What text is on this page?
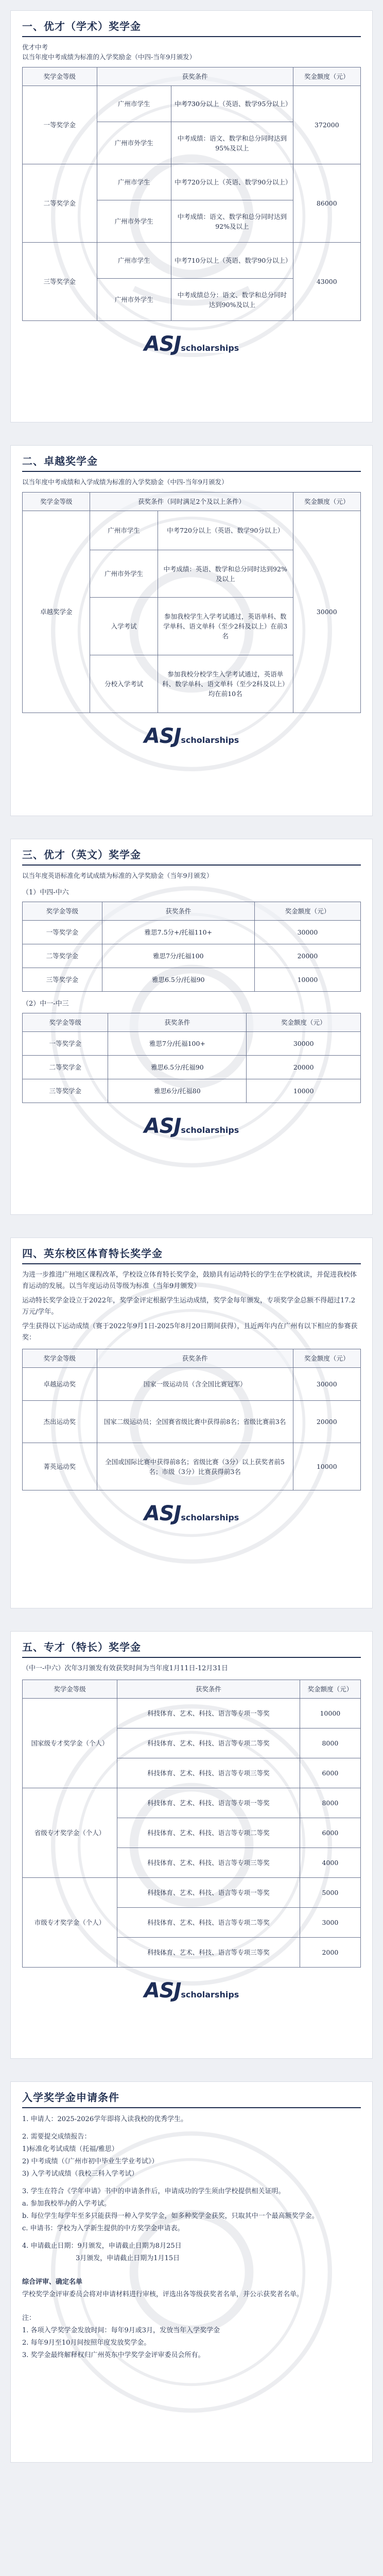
一、优才（学术）奖学金
优才中考
以当年度中考成绩为标准的入学奖励金（中四-当年9月颁发）
奖学金等级	获奖条件		奖金额度（元）
一等奖学金	广州市学生	中考730分以上（英语、数学95分以上）	372000
	广州市外学生	中考成绩：语文、数学和总分同时达到95%及以上	
二等奖学金	广州市学生	中考720分以上（英语、数学90分以上）	86000
	广州市外学生	中考成绩：语文、数学和总分同时达到92%及以上	
三等奖学金	广州市学生	中考710分以上（英语、数学90分以上）	43000
	广州市外学生	中考成绩总分：语文、数学和总分同时达到90%及以上	
ASJscholarships
二、卓越奖学金
以当年度中考成绩和入学成绩为标准的入学奖励金（中四-当年9月颁发）
奖学金等级	获奖条件（同时满足2个及以上条件）		奖金额度（元）
卓越奖学金	广州市学生	中考720分以上（英语、数学90分以上）	30000
	广州市外学生	中考成绩：英语、数学和总分同时达到92%及以上	
	入学考试	参加我校学生入学考试通过，英语单科、数学单科、语文单科（至少2科及以上）在前3名	
	分校入学考试	参加我校分校学生入学考试通过，英语单科、数学单科、语文单科（至少2科及以上）均在前10名	
ASJscholarships
三、优才（英文）奖学金
以当年度英语标准化考试成绩为标准的入学奖励金（当年9月颁发）
（1）中四-中六
奖学金等级	获奖条件	奖金额度（元）
一等奖学金	雅思7.5分+/托福110+	30000
二等奖学金	雅思7分/托福100	20000
三等奖学金	雅思6.5分/托福90	10000
（2）中一-中三
奖学金等级	获奖条件	奖金额度（元）
一等奖学金	雅思7分/托福100+	30000
二等奖学金	雅思6.5分/托福90	20000
三等奖学金	雅思6分/托福80	10000
ASJscholarships
四、英东校区体育特长奖学金

为进一步推进广州地区课程改革，学校设立体育特长奖学金，鼓励具有运动特长的学生在学校就读，并促进我校体育运动的发展。以当年度运动员等级为标准（当年9月颁发）

运动特长奖学金设立于2022年，奖学金评定根据学生运动成绩，奖学金每年颁发，专项奖学金总额不得超过17.2万元/学年。

学生获得以下运动成绩（赛于2022年9月1日-2025年8月20日期间获得），且近两年内在广州有以下相应的参赛获奖：

奖学金等级	获奖条件	奖金额度（元）
卓越运动奖	国家一级运动员（含全国比赛冠军）	30000
杰出运动奖	国家二级运动员；全国赛省级比赛中获得前8名；省级比赛前3名	20000
菁英运动奖	全国或国际比赛中获得前8名；省级比赛（3分）以上获奖者前5名；市级（3分）比赛获得前3名	10000
ASJscholarships
五、专才（特长）奖学金
（中一-中六）次年3月颁发有效获奖时间为当年度1月11日-12月31日
奖学金等级	获奖条件	奖金额度（元）
国家级专才奖学金（个人）	科技体育、艺术、科技、语言等专项一等奖	10000
	科技体育、艺术、科技、语言等专项二等奖	8000
	科技体育、艺术、科技、语言等专项三等奖	6000
省级专才奖学金（个人）	科技体育、艺术、科技、语言等专项一等奖	8000
	科技体育、艺术、科技、语言等专项二等奖	6000
	科技体育、艺术、科技、语言等专项三等奖	4000
市级专才奖学金（个人）	科技体育、艺术、科技、语言等专项一等奖	5000
	科技体育、艺术、科技、语言等专项二等奖	3000
	科技体育、艺术、科技、语言等专项三等奖	2000
ASJscholarships
入学奖学金申请条件

1. 申请人：2025-2026学年即将入读我校的优秀学生。

2. 需要提交成绩报告：

1)标准化考试成绩（托福/雅思）

2) 中考成绩（《广州市初中毕业生学业考试》）

3) 入学考试成绩（我校三科入学考试）

3. 学生在符合《学年申请》书中的申请条件后，申请成功的学生须由学校提供相关证明。

a. 参加我校举办的入学考试。

b. 每位学生每学年至多只能获得一种入学奖学金，如多种奖学金获奖，只取其中一个最高额奖学金。

c. 申请书：学校为入学新生提供的中方奖学金申请表。

4. 申请截止日期：9月颁发，申请截止日期为8月25日

3月颁发，申请截止日期为1月15日

综合评审、确定名单

学校奖学金评审委员会将对申请材料进行审核，评选出各等级获奖者名单，并公示获奖者名单。

注：

1. 各项入学奖学金发放时间：每年9月或3月，发放当年入学奖学金

2. 每年9月至10月间按照年度发放奖学金。

3. 奖学金最终解释权归广州英东中学奖学金评审委员会所有。
